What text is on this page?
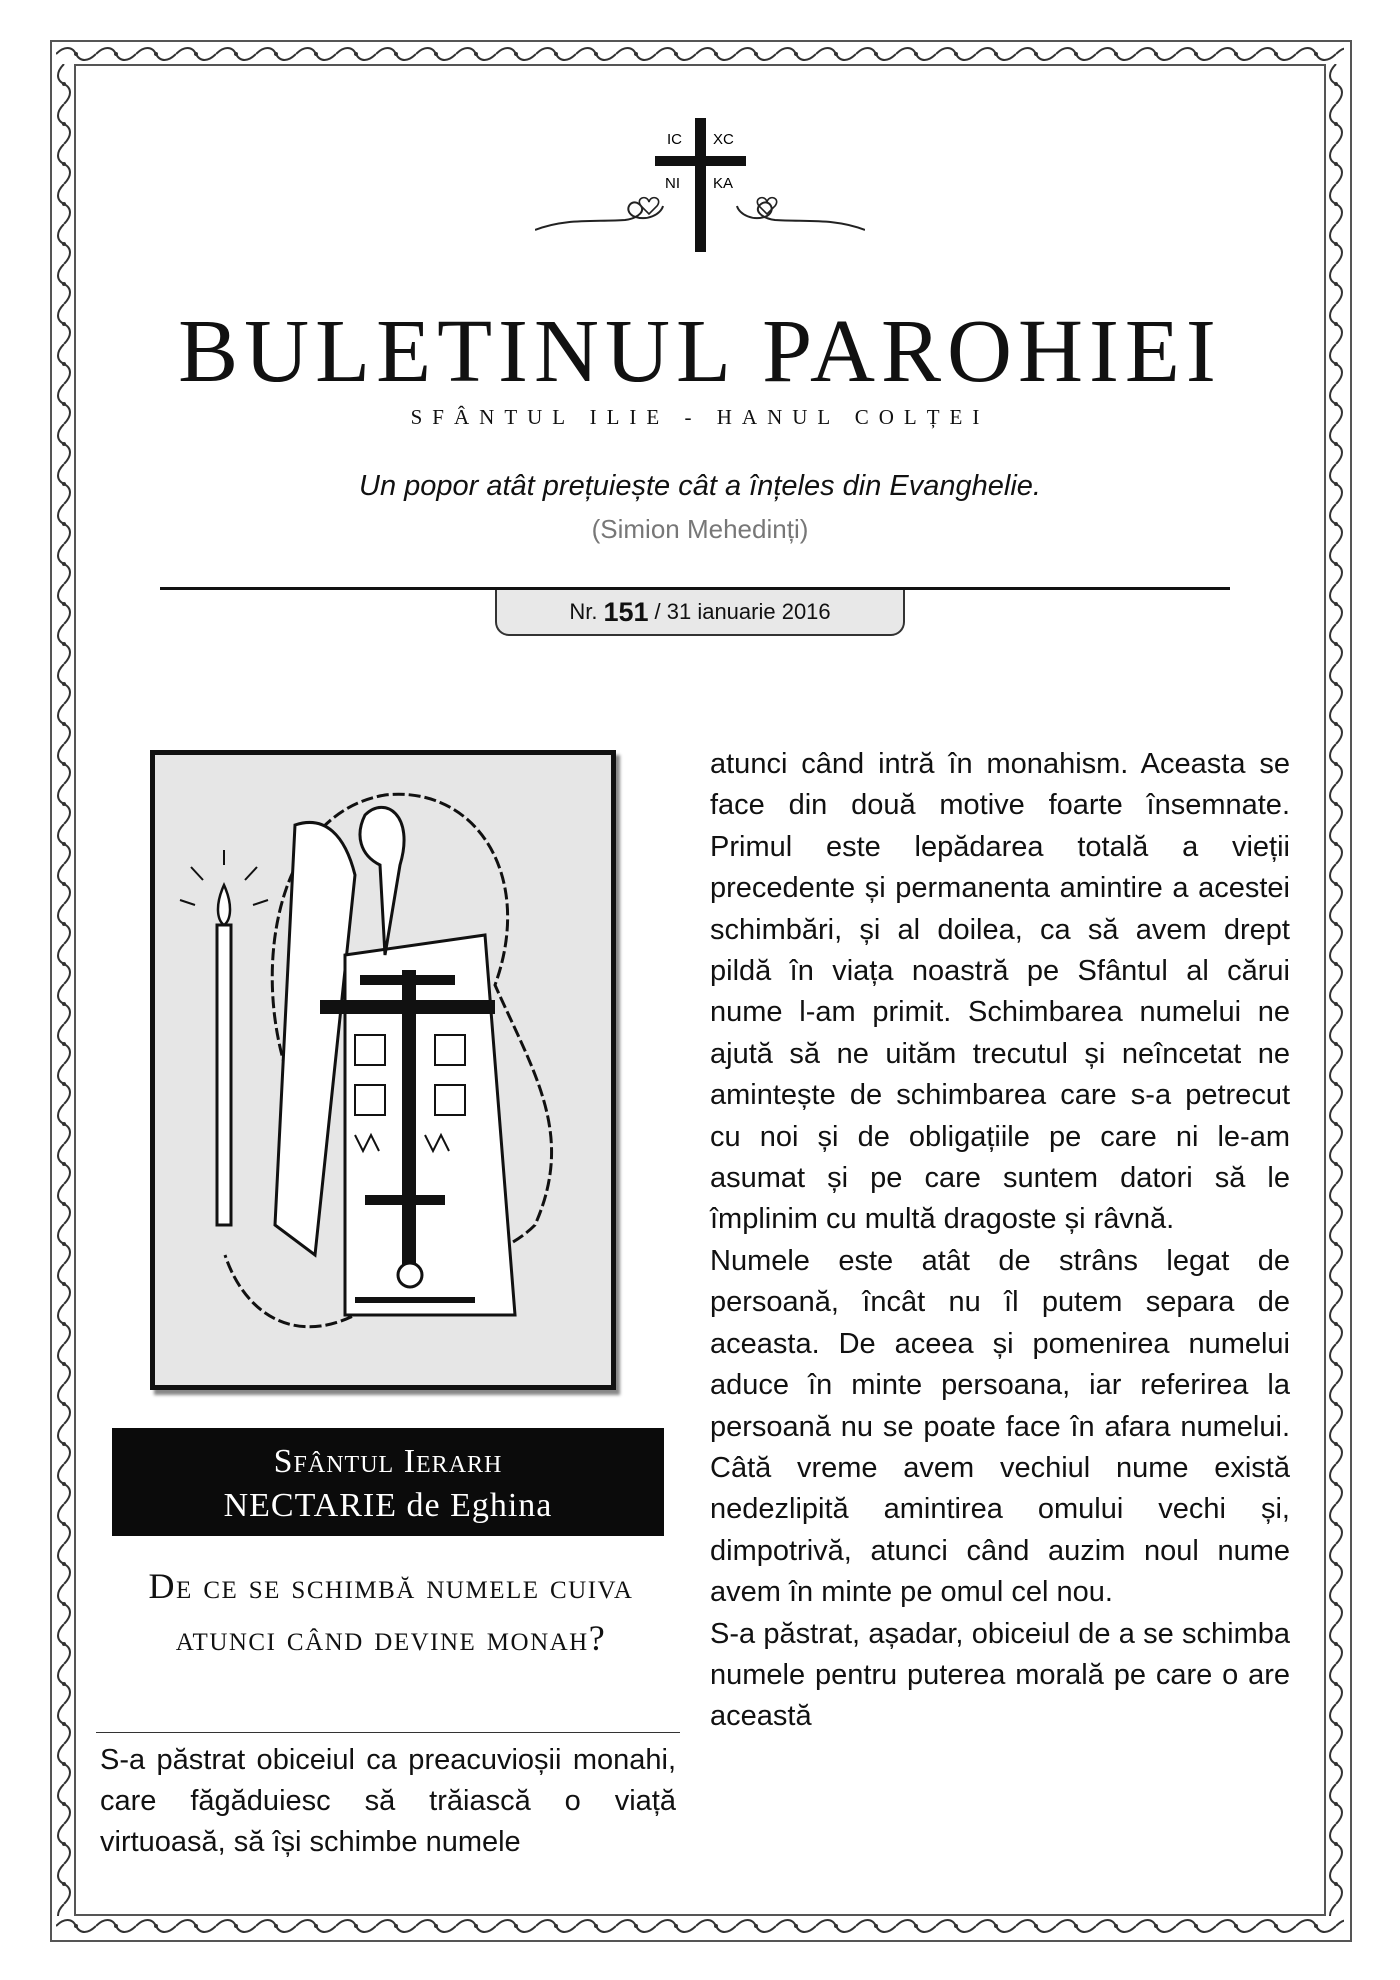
IC XC
NI KA
BULETINUL PAROHIEI
SFÂNTUL ILIE - HANUL COLȚEI
Un popor atât prețuiește cât a înțeles din Evanghelie.
(Simion Mehedinți)
Nr. 151 / 31 ianuarie 2016
Sfântul Ierarh
NECTARIE de Eghina
De ce se schimbă numele cuiva atunci când devine monah?

S-a păstrat obiceiul ca preacuvioșii monahi, care făgăduiesc să trăiască o viață virtuoasă, să își schimbe numele

atunci când intră în monahism. Aceasta se face din două motive foarte însemnate. Primul este lepădarea totală a vieții precedente și permanenta amintire a acestei schimbări, și al doilea, ca să avem drept pildă în viața noastră pe Sfântul al cărui nume l-am primit. Schimbarea numelui ne ajută să ne uităm trecutul și neîncetat ne amintește de schimbarea care s-a petrecut cu noi și de obligațiile pe care ni le-am asumat și pe care suntem datori să le împlinim cu multă dragoste și râvnă.

Numele este atât de strâns legat de persoană, încât nu îl putem separa de aceasta. De aceea și pomenirea numelui aduce în minte persoana, iar referirea la persoană nu se poate face în afara numelui. Câtă vreme avem vechiul nume există nedezlipită amintirea omului vechi și, dimpotrivă, atunci când auzim noul nume avem în minte pe omul cel nou.

S-a păstrat, așadar, obiceiul de a se schimba numele pentru puterea morală pe care o are această
